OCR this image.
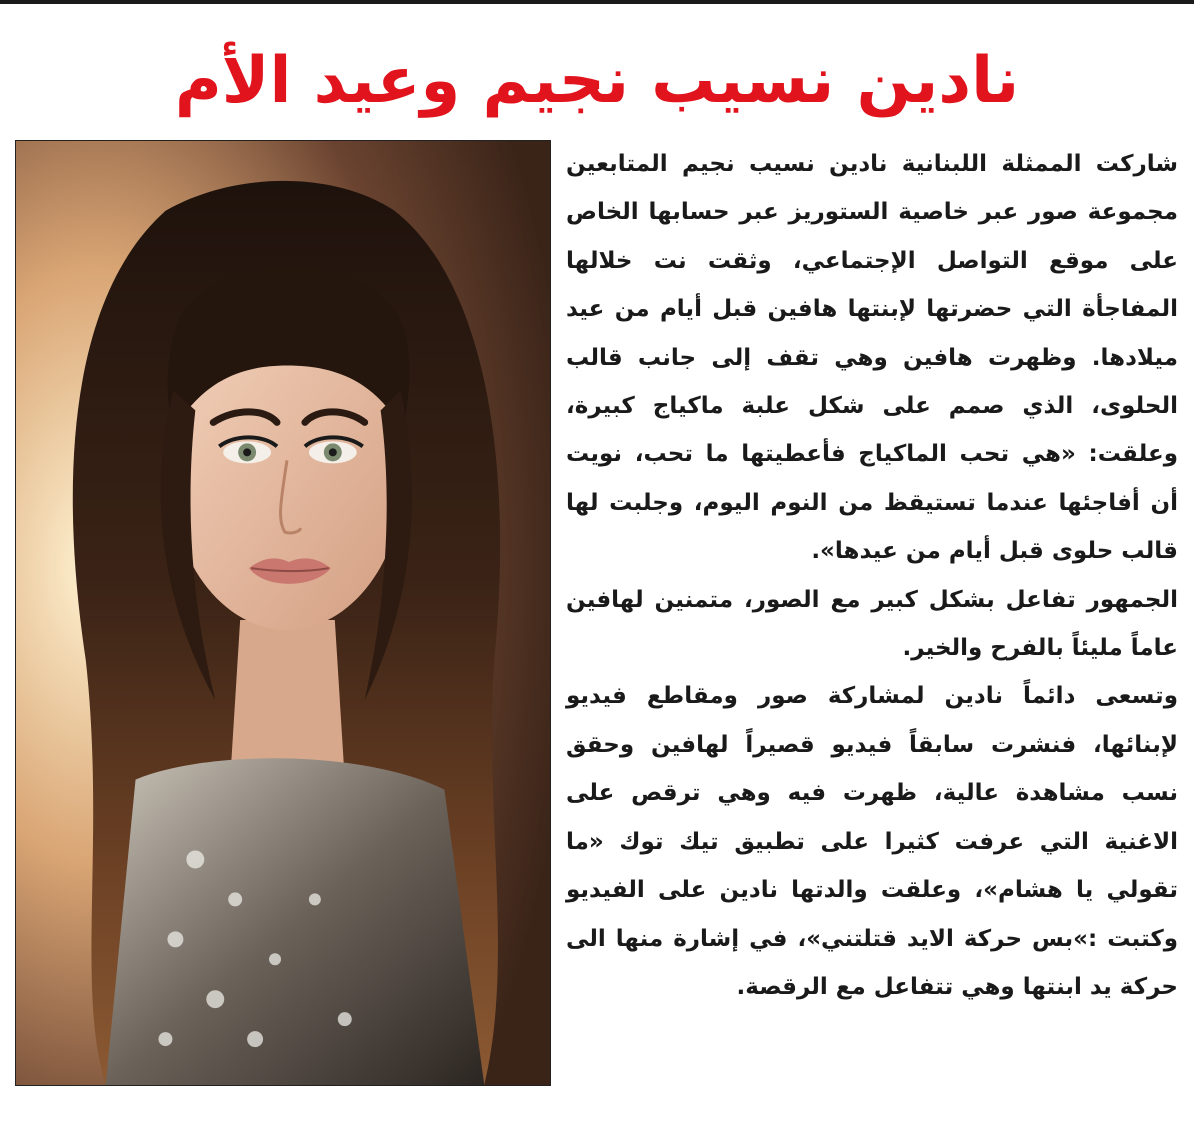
نادين نسيب نجيم وعيد الأم

شاركت الممثلة اللبنانية نادين نسيب نجيم المتابعين مجموعة صور عبر خاصية الستوريز عبر حسابها الخاص على موقع التواصل الإجتماعي، وثقت نت خلالها المفاجأة التي حضرتها لإبنتها هافين قبل أيام من عيد ميلادها. وظهرت هافين وهي تقف إلى جانب قالب الحلوى، الذي صمم على شكل علبة ماكياج كبيرة، وعلقت: «هي تحب الماكياج فأعطيتها ما تحب، نويت أن أفاجئها عندما تستيقظ من النوم اليوم، وجلبت لها قالب حلوى قبل أيام من عيدها».

الجمهور تفاعل بشكل كبير مع الصور، متمنين لهافين عاماً مليئاً بالفرح والخير.

وتسعى دائماً نادين لمشاركة صور ومقاطع فيديو لإبنائها، فنشرت سابقاً فيديو قصيراً لهافين وحقق نسب مشاهدة عالية، ظهرت فيه وهي ترقص على الاغنية التي عرفت كثيرا على تطبيق تيك توك «ما تقولي يا هشام»، وعلقت والدتها نادين على الفيديو وكتبت :»بس حركة الايد قتلتني»، في إشارة منها الى حركة يد ابنتها وهي تتفاعل مع الرقصة.
